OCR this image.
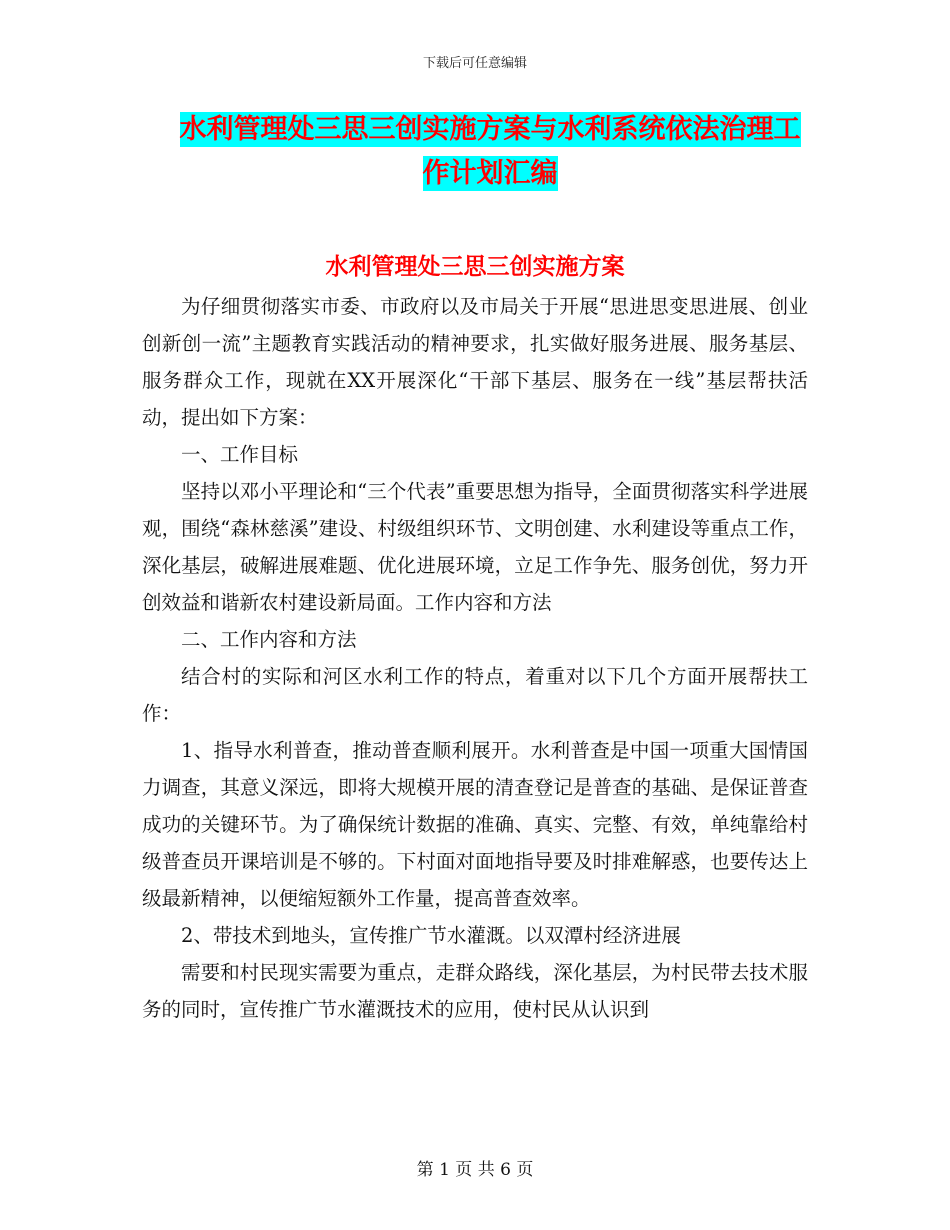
下载后可任意编辑
水利管理处三思三创实施方案与水利系统依法治理工
作计划汇编
水利管理处三思三创实施方案

为仔细贯彻落实市委、市政府以及市局关于开展“思进思变思进展、创业创新创一流”主题教育实践活动的精神要求，扎实做好服务进展、服务基层、服务群众工作，现就在XX开展深化“干部下基层、服务在一线”基层帮扶活动，提出如下方案：

一、工作目标

坚持以邓小平理论和“三个代表”重要思想为指导，全面贯彻落实科学进展观，围绕“森林慈溪”建设、村级组织环节、文明创建、水利建设等重点工作，深化基层，破解进展难题、优化进展环境，立足工作争先、服务创优，努力开创效益和谐新农村建设新局面。工作内容和方法

二、工作内容和方法

结合村的实际和河区水利工作的特点，着重对以下几个方面开展帮扶工作：

1、指导水利普查，推动普查顺利展开。水利普查是中国一项重大国情国力调查，其意义深远，即将大规模开展的清查登记是普查的基础、是保证普查成功的关键环节。为了确保统计数据的准确、真实、完整、有效，单纯靠给村级普查员开课培训是不够的。下村面对面地指导要及时排难解惑，也要传达上级最新精神，以便缩短额外工作量，提高普查效率。

2、带技术到地头，宣传推广节水灌溉。以双潭村经济进展

需要和村民现实需要为重点，走群众路线，深化基层，为村民带去技术服务的同时，宣传推广节水灌溉技术的应用，使村民从认识到

第 1 页 共 6 页
